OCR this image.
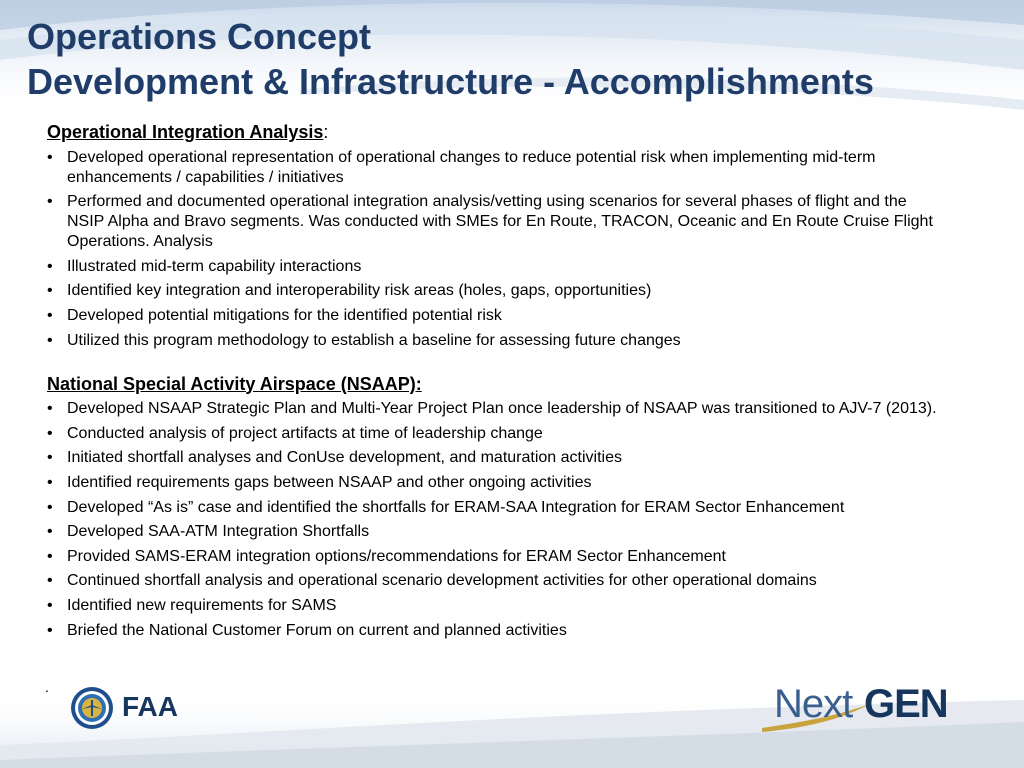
Operations Concept
Development & Infrastructure - Accomplishments
Operational Integration Analysis:
• Developed operational representation of operational changes to reduce potential risk when implementing mid-term enhancements / capabilities / initiatives
• Performed and documented operational integration analysis/vetting using scenarios for several phases of flight and the NSIP Alpha and Bravo segments. Was conducted with SMEs for En Route, TRACON, Oceanic and En Route Cruise Flight Operations. Analysis
• Illustrated mid-term capability interactions
• Identified key integration and interoperability risk areas (holes, gaps, opportunities)
• Developed potential mitigations for the identified potential risk
• Utilized this program methodology to establish a baseline for assessing future changes
National Special Activity Airspace (NSAAP):
• Developed NSAAP Strategic Plan and Multi-Year Project Plan once leadership of NSAAP was transitioned to AJV-7 (2013).
• Conducted analysis of project artifacts at time of leadership change
• Initiated shortfall analyses and ConUse development, and maturation activities
• Identified requirements gaps between NSAAP and other ongoing activities
• Developed “As is” case and identified the shortfalls for ERAM-SAA Integration for ERAM Sector Enhancement
• Developed SAA-ATM Integration Shortfalls
• Provided SAMS-ERAM integration options/recommendations for ERAM Sector Enhancement
• Continued shortfall analysis and operational scenario development activities for other operational domains
• Identified new requirements for SAMS
• Briefed the National Customer Forum on current and planned activities
.
FAA	Next GEN
